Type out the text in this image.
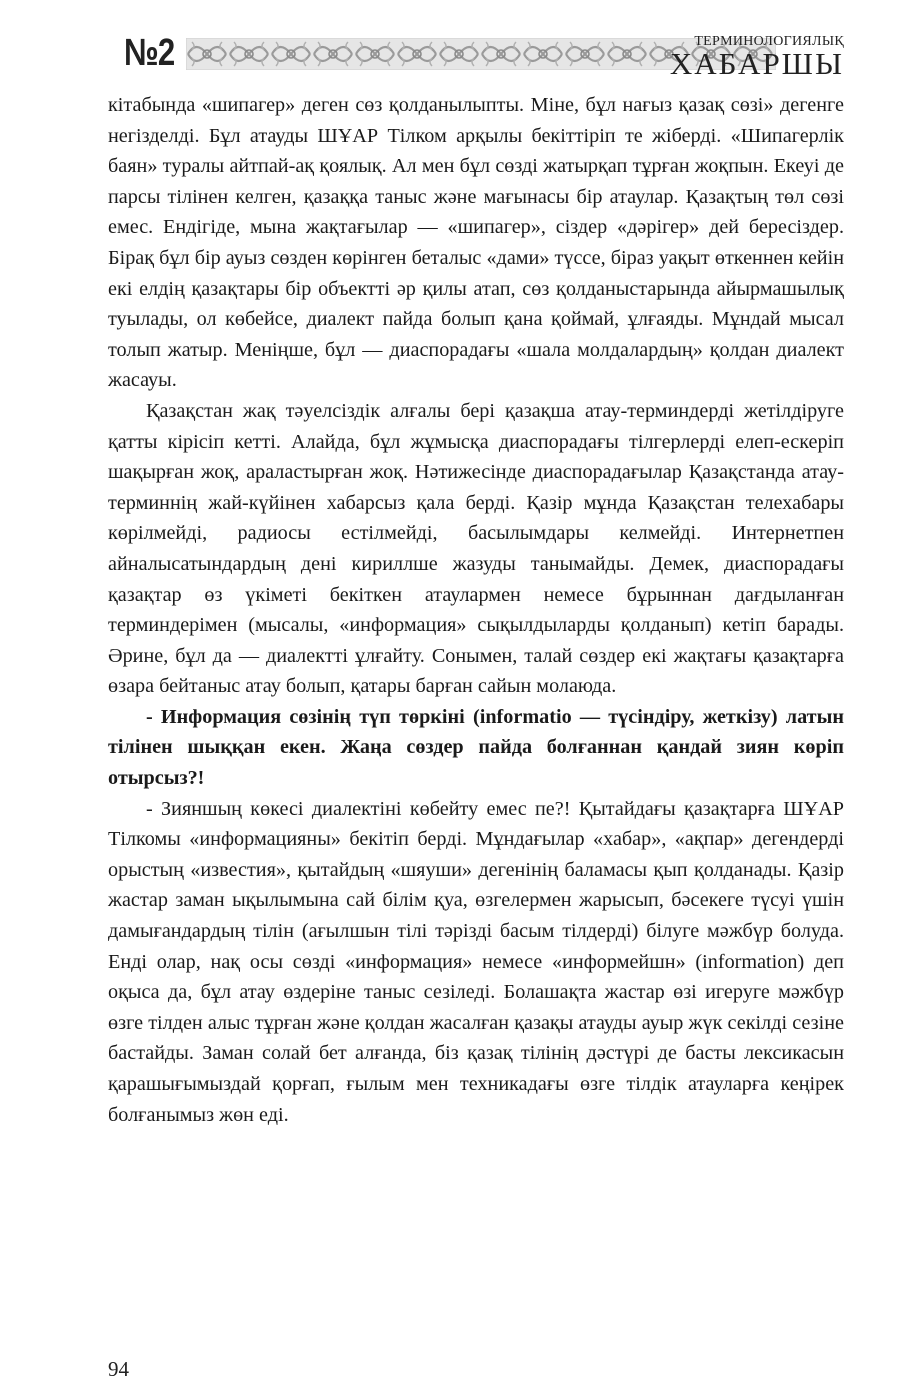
№2	ТЕРМИНОЛОГИЯЛЫҚ
ХАБАРШЫ

кітабында «шипагер» деген сөз қолданылыпты. Міне, бұл нағыз қазақ сөзі» дегенге негізделді. Бұл атауды ШҰАР Тілком арқылы бекіттіріп те жіберді. «Шипагерлік баян» туралы айтпай-ақ қоялық. Ал мен бұл сөзді жатырқап тұрған жоқпын. Екеуі де парсы тілінен келген, қазаққа таныс және мағынасы бір атаулар. Қазақтың төл сөзі емес. Ендігіде, мына жақтағылар — «шипагер», сіздер «дәрігер» дей бересіздер. Бірақ бұл бір ауыз сөзден көрінген беталыс «дами» түссе, біраз уақыт өткеннен кейін екі елдің қазақтары бір объектті әр қилы атап, сөз қолданыстарында айырмашылық туылады, ол көбейсе, диалект пайда болып қана қоймай, ұлғаяды. Мұндай мысал толып жатыр. Меніңше, бұл — диаспорадағы «шала молдалардың» қолдан диалект жасауы.

Қазақстан жақ тәуелсіздік алғалы бері қазақша атау-терминдерді жетілдіруге қатты кірісіп кетті. Алайда, бұл жұмысқа диаспорадағы тілгерлерді елеп-ескеріп шақырған жоқ, араластырған жоқ. Нәтижесінде диаспорадағылар Қазақстанда атау-терминнің жай-күйінен хабарсыз қала берді. Қазір мұнда Қазақстан телехабары көрілмейді, радиосы естілмейді, басылымдары келмейді. Интернетпен айналысатындардың дені кириллше жазуды танымайды. Демек, диаспорадағы қазақтар өз үкіметі бекіткен атаулармен немесе бұрыннан дағдыланған терминдерімен (мысалы, «информация» сықылдыларды қолданып) кетіп барады. Әрине, бұл да — диалектті ұлғайту. Сонымен, талай сөздер екі жақтағы қазақтарға өзара бейтаныс атау болып, қатары барған сайын молаюда.

- Информация сөзінің түп төркіні (informatio — түсіндіру, жеткізу) латын тілінен шыққан екен. Жаңа сөздер пайда болғаннан қандай зиян көріп отырсыз?!

- Зияншың көкесі диалектіні көбейту емес пе?! Қытайдағы қазақтарға ШҰАР Тілкомы «информацияны» бекітіп берді. Мұндағылар «хабар», «ақпар» дегендерді орыстың «известия», қытайдың «шяуши» дегенінің баламасы қып қолданады. Қазір жастар заман ықылымына сай білім қуа, өзгелермен жарысып, бәсекеге түсуі үшін дамығандардың тілін (ағылшын тілі тәрізді басым тілдерді) білуге мәжбүр болуда. Енді олар, нақ осы сөзді «информация» немесе «информейшн» (information) деп оқыса да, бұл атау өздеріне таныс сезіледі. Болашақта жастар өзі игеруге мәжбүр өзге тілден алыс тұрған және қолдан жасалған қазақы атауды ауыр жүк секілді сезіне бастайды. Заман солай бет алғанда, біз қазақ тілінің дәстүрі де басты лексикасын қарашығымыздай қорғап, ғылым мен техникадағы өзге тілдік атауларға кеңірек болғанымыз жөн еді.

94
